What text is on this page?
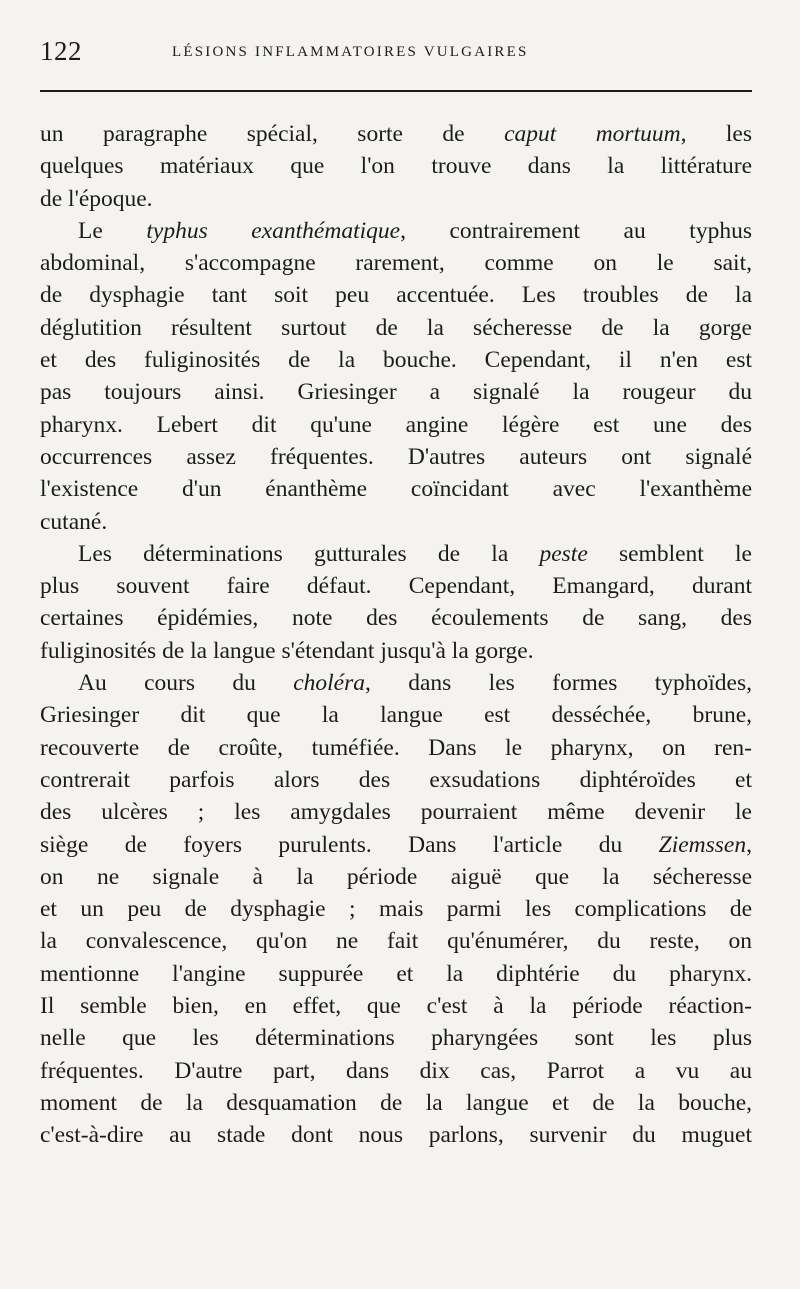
122	LÉSIONS INFLAMMATOIRES VULGAIRES
un paragraphe spécial, sorte de caput mortuum, les
quelques matériaux que l'on trouve dans la littérature
de l'époque.
Le typhus exanthématique, contrairement au typhus
abdominal, s'accompagne rarement, comme on le sait,
de dysphagie tant soit peu accentuée. Les troubles de la
déglutition résultent surtout de la sécheresse de la gorge
et des fuliginosités de la bouche. Cependant, il n'en est
pas toujours ainsi. Griesinger a signalé la rougeur du
pharynx. Lebert dit qu'une angine légère est une des
occurrences assez fréquentes. D'autres auteurs ont signalé
l'existence d'un énanthème coïncidant avec l'exanthème
cutané.
Les déterminations gutturales de la peste semblent le
plus souvent faire défaut. Cependant, Emangard, durant
certaines épidémies, note des écoulements de sang, des
fuliginosités de la langue s'étendant jusqu'à la gorge.
Au cours du choléra, dans les formes typhoïdes,
Griesinger dit que la langue est desséchée, brune,
recouverte de croûte, tuméfiée. Dans le pharynx, on ren-
contrerait parfois alors des exsudations diphtéroïdes et
des ulcères ; les amygdales pourraient même devenir le
siège de foyers purulents. Dans l'article du Ziemssen,
on ne signale à la période aiguë que la sécheresse
et un peu de dysphagie ; mais parmi les complications de
la convalescence, qu'on ne fait qu'énumérer, du reste, on
mentionne l'angine suppurée et la diphtérie du pharynx.
Il semble bien, en effet, que c'est à la période réaction-
nelle que les déterminations pharyngées sont les plus
fréquentes. D'autre part, dans dix cas, Parrot a vu au
moment de la desquamation de la langue et de la bouche,
c'est-à-dire au stade dont nous parlons, survenir du muguet
